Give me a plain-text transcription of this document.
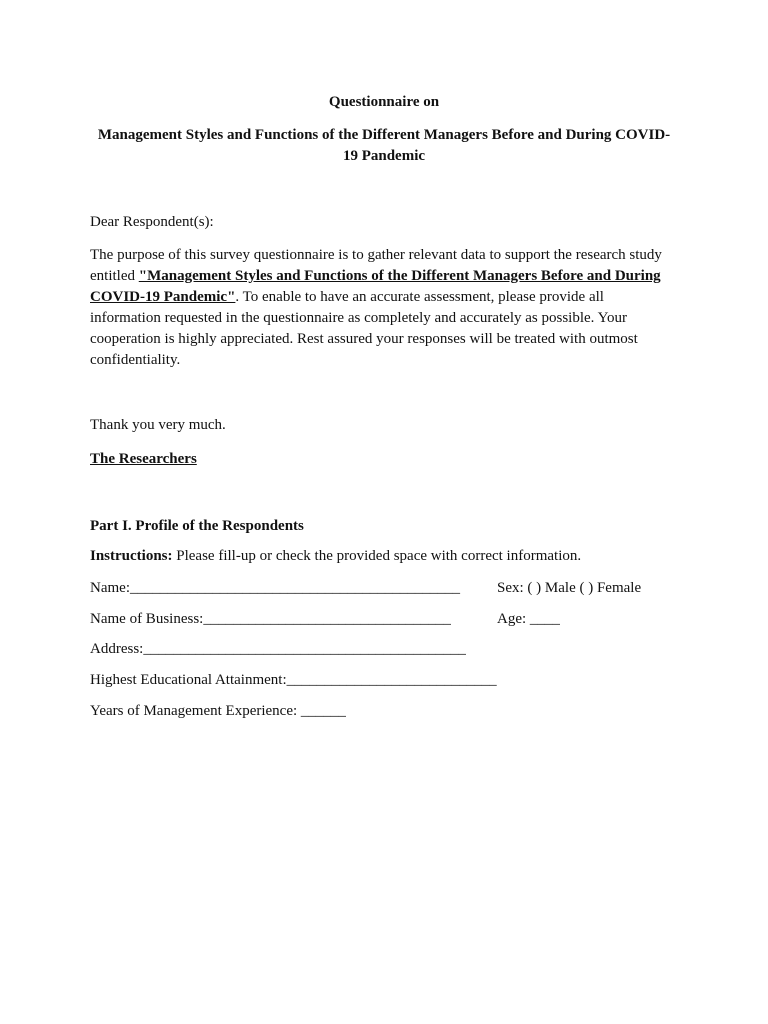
Questionnaire on
Management Styles and Functions of the Different Managers Before and During COVID-
19 Pandemic
Dear Respondent(s):
The purpose of this survey questionnaire is to gather relevant data to support the research study
entitled "Management Styles and Functions of the Different Managers Before and During
COVID-19 Pandemic". To enable to have an accurate assessment, please provide all
information requested in the questionnaire as completely and accurately as possible. Your
cooperation is highly appreciated. Rest assured your responses will be treated with outmost
confidentiality.
Thank you very much.
The Researchers
Part I. Profile of the Respondents
Instructions: Please fill-up or check the provided space with correct information.
Name:____________________________________________ Sex: ( ) Male ( ) Female
Name of Business:_________________________________	Age: ____
Address:___________________________________________
Highest Educational Attainment:____________________________
Years of Management Experience: ______
